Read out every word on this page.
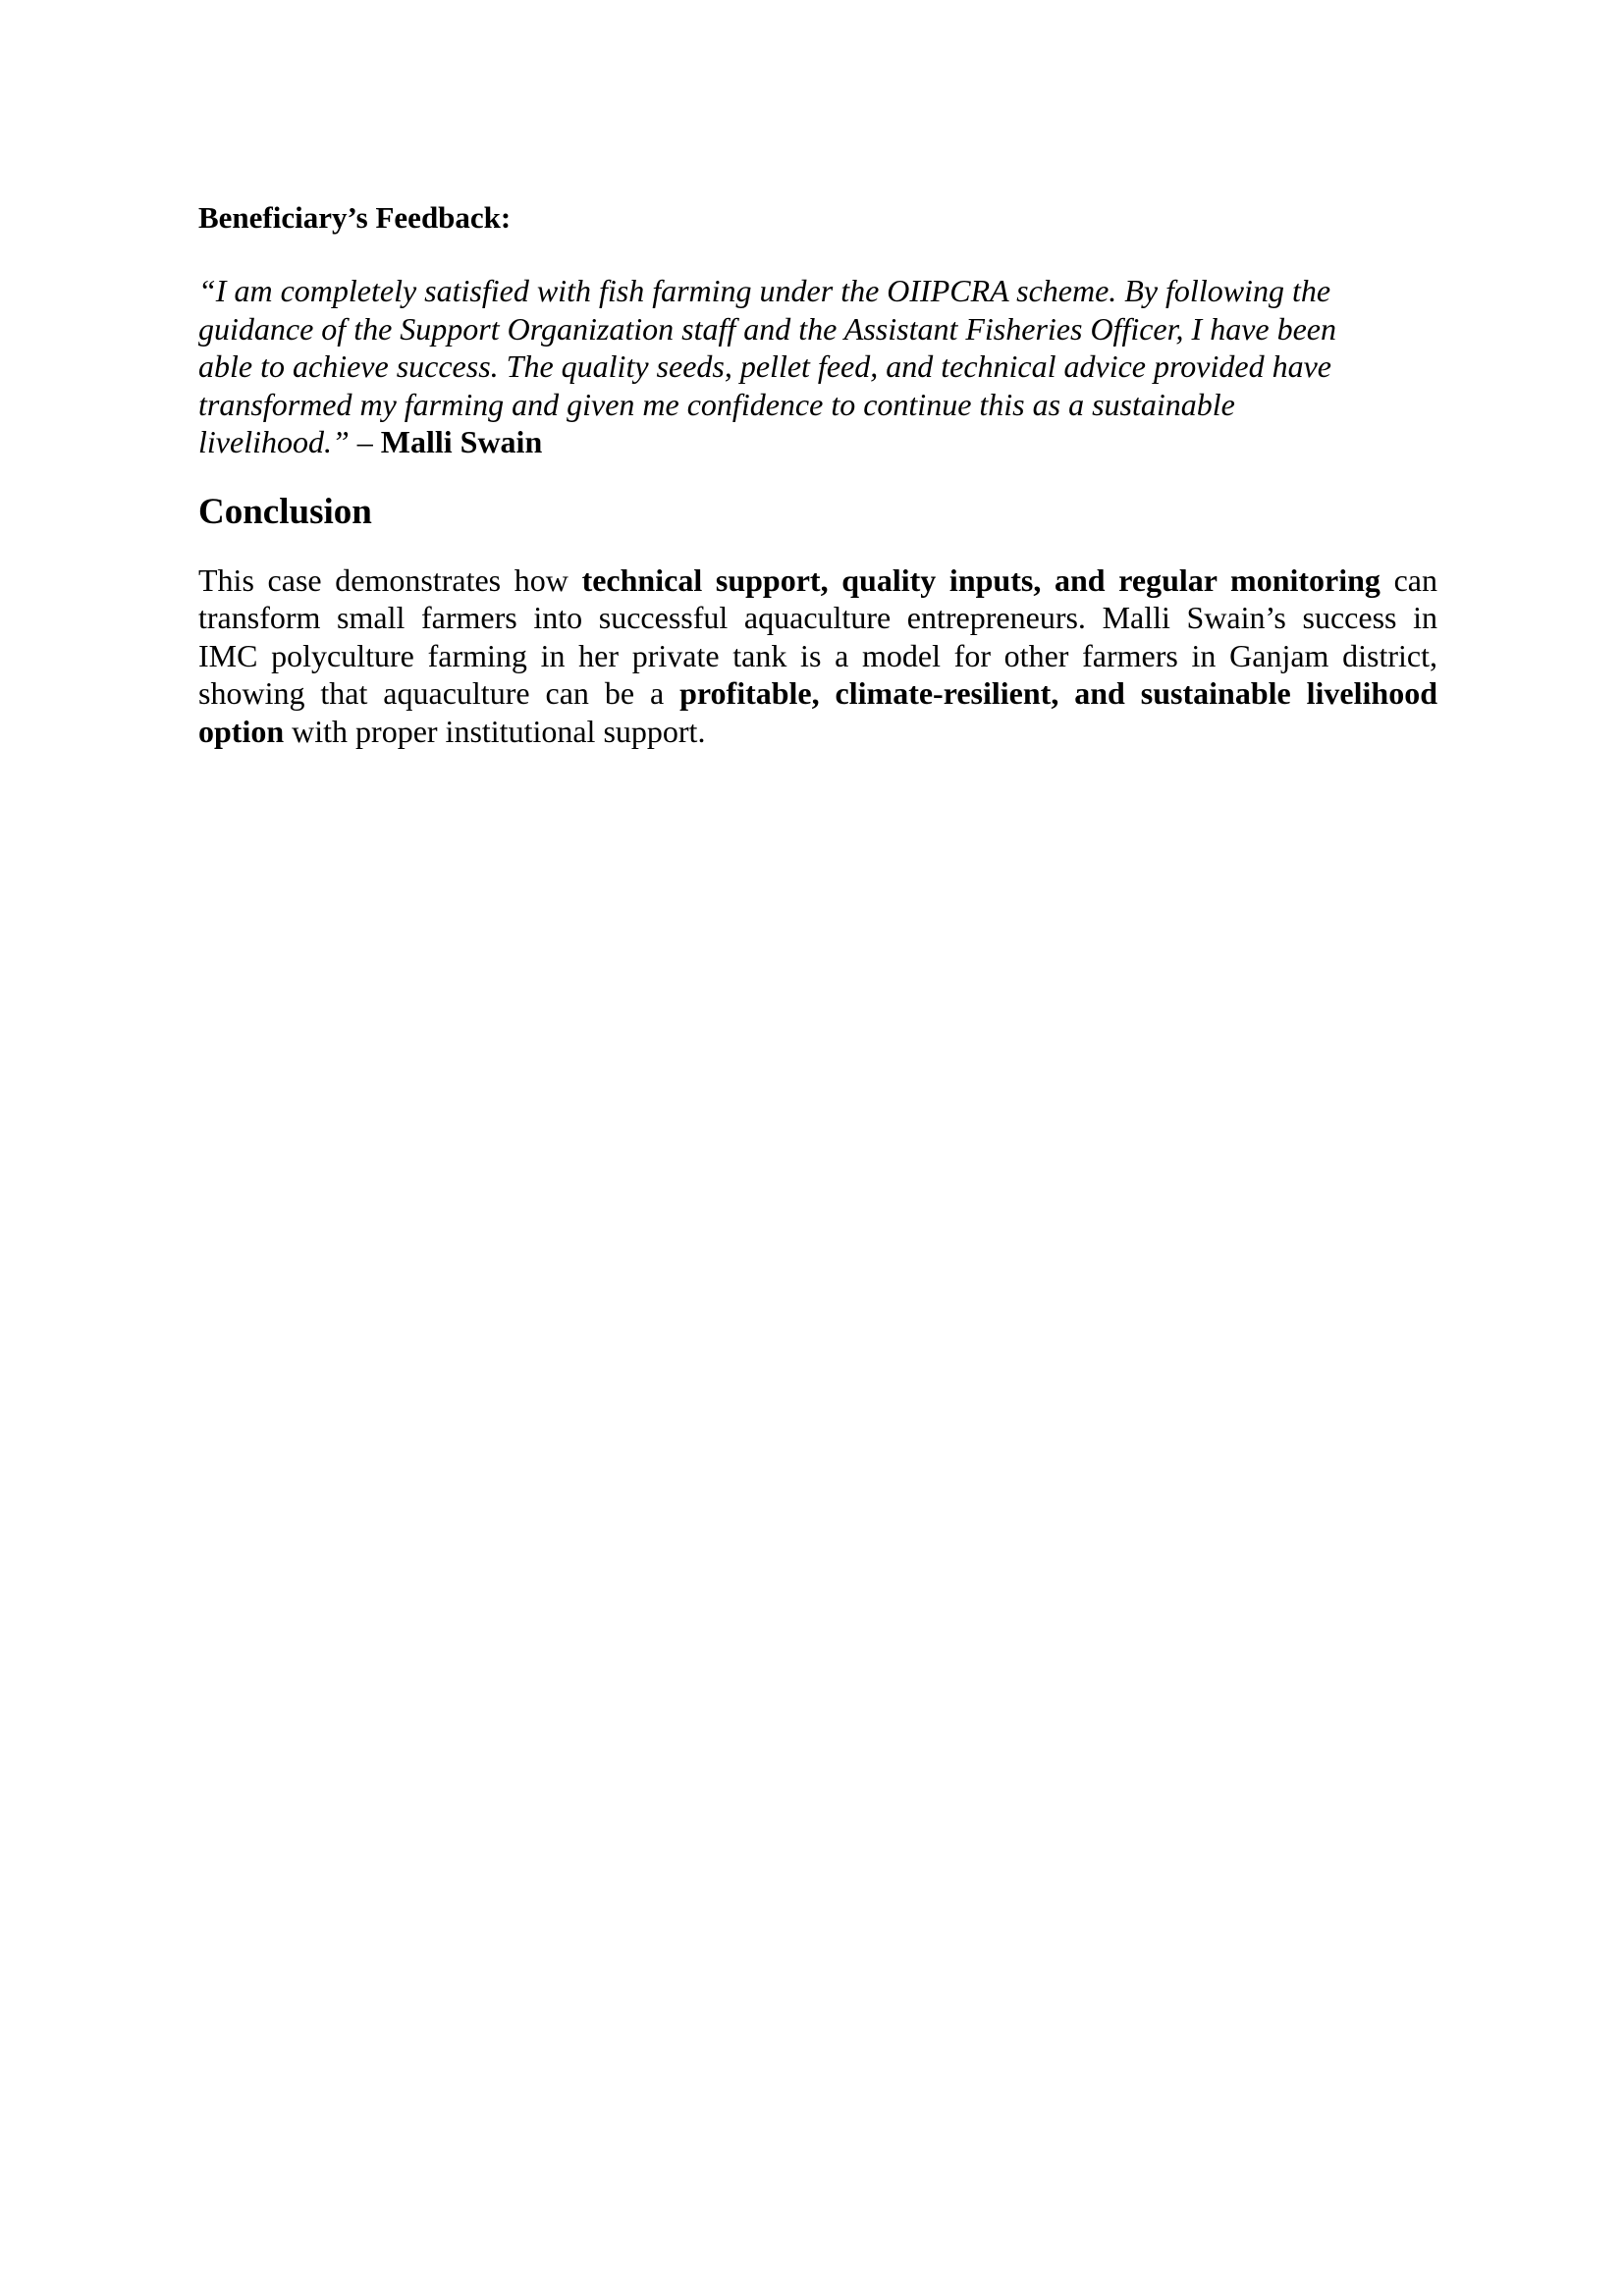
Beneficiary’s Feedback:
“I am completely satisfied with fish farming under the OIIPCRA scheme. By following the
guidance of the Support Organization staff and the Assistant Fisheries Officer, I have been
able to achieve success. The quality seeds, pellet feed, and technical advice provided have
transformed my farming and given me confidence to continue this as a sustainable
livelihood.” – Malli Swain
Conclusion
This case demonstrates how technical support, quality inputs, and regular monitoring can
transform small farmers into successful aquaculture entrepreneurs. Malli Swain’s success in
IMC polyculture farming in her private tank is a model for other farmers in Ganjam district,
showing that aquaculture can be a profitable, climate-resilient, and sustainable livelihood
option with proper institutional support.
